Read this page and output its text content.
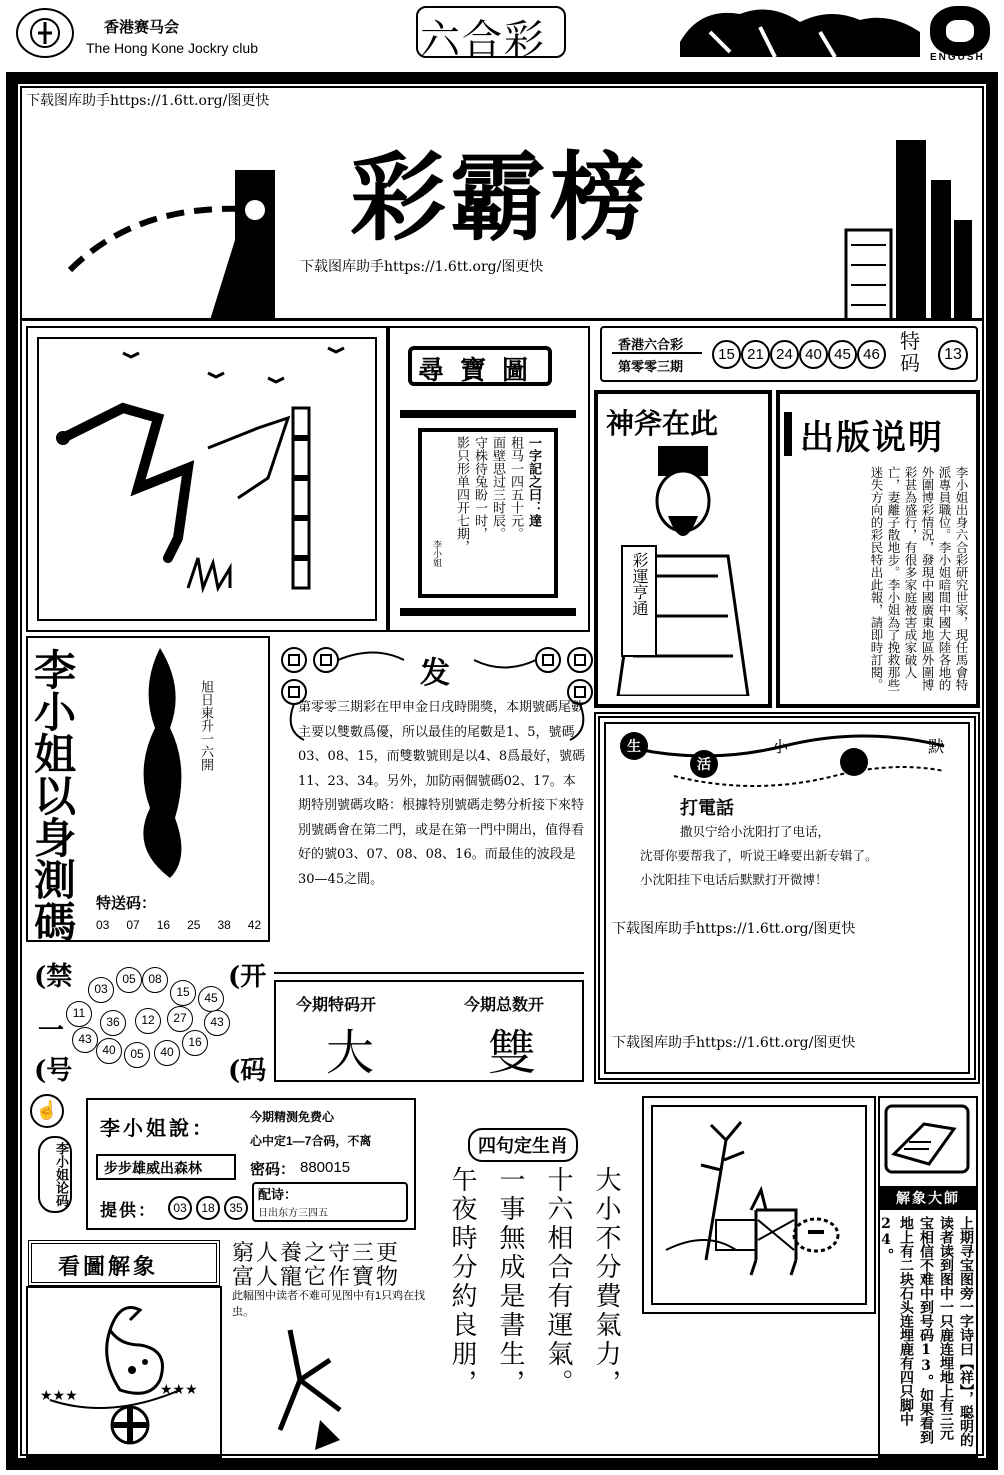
香港赛马会
The Hong Kone Jockry club	六合彩	ENGUSH
下载图库助手https://1.6tt.org/图更快
彩霸榜
下载图库助手https://1.6tt.org/图更快
尋寶圖
一字記之曰：達
租马一四五十元。
面壁思过三时辰。
守株待兔盼一时，
影只形单四开七期，
李小姐
香港六合彩
第零零三期
15 21 24 40 45 46
特码	13
神斧在此
彩運亨通
出版说明
李小姐出身六合彩研究世家，現任馬會特派專員職位。李小姐暗間中國大陸各地的外圍博彩情況，發現中國廣東地區外圍博彩甚為盛行，有很多家庭被害成家破人亡，妻離子散地步。李小姐為了挽救那些迷失方向的彩民特出此報，請即時訂閱。
李小姐以身測碼	旭日東升一六開
特送码：
03 07 16 25 38 42
发
第零零三期彩在甲申金日戌時開獎，本期號碼尾數主要以雙數爲優，所以最佳的尾數是1、5，號碼03、08、15，而雙數號則是以4、8爲最好，號碼11、23、34。另外，加防兩個號碼02、17。本期特別號碼攻略：根據特別號碼走勢分析接下來特別號碼會在第二門，或是在第一門中開出，值得看好的號03、07、08、08、16。而最佳的波段是30—45之間。
生
活
小	默
打電話
撒贝宁给小沈阳打了电话，
沈哥你要帮我了，听说王峰要出新专辑了。
小沈阳挂下电话后默默打开微博！
下载图库助手https://1.6tt.org/图更快
下载图库助手https://1.6tt.org/图更快
(禁
一
(号
(开
(码
05	08
03	15	45
11
36	12	27	43
43	16
40	05	40
今期特码开
大
今期总数开
雙
☝
李小姐论码
李小姐說：	今期精测免费心
心中定1—7合码，不离
步步雄威出森林	密码： 880015
提供：	03	18	35
配诗：
日出东方三四五
四句定生肖
大小不分費氣力，
十六相合有運氣。
一事無成是書生，
午夜時分約良朋，	解象大師
上期寻宝图旁一字诗曰【祥】，聪明的读者读到图中一只鹿连埋地上有三元宝相信不难中到号码13。如果看到地上有二块石头连埋鹿有四只脚中24。
看圖解象
★★★	★★★
窮人養之守三更
富人寵它作寶物
此幅图中读者不难可见图中有1只鸡在找虫。
